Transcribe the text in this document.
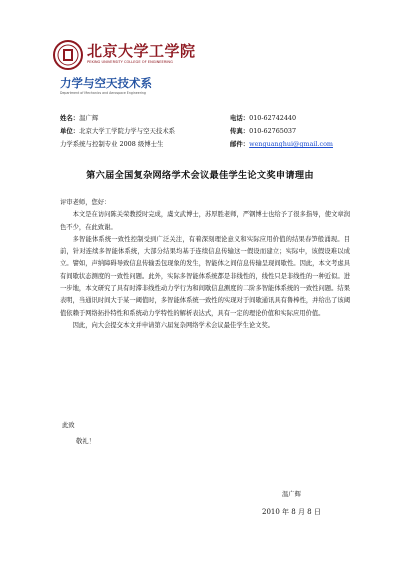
北京大学工学院
PEKING UNIVERSITY COLLEGE OF ENGINEERING
力学与空天技术系
Department of Mechanics and Aerospace Engineering
姓名：温广辉
单位：北京大学工学院力学与空天技术系
力学系统与控制专业 2008 级博士生
电话：010-62742440
传真：010-62765037
邮件：wenguanghui@gmail.com
第六届全国复杂网络学术会议最佳学生论文奖申请理由

评审老师，您好：

本文是在访问陈关荣教授时完成，虞文武博士，苏厚胜老师，严钢博士也给予了很多指导，使文章润色不少，在此致谢。

多智能体系统一致性控制受到广泛关注，有着深刻理论意义和实际应用价值的结果春笋般涌现。目前，针对连续多智能体系统，大部分结果均基于连续信息传输这一假设而建立；实际中，该假设难以成立。譬如，声纳障碍导致信息传输丢包现象的发生，智能体之间信息传输呈现间歇性。因此，本文考虑具有间歇状态测度的一致性问题。此外，实际多智能体系统都是非线性的，线性只是非线性的一种近似。进一步地，本文研究了具有时滞非线性动力学行为和间歇信息测度的二阶多智能体系统的一致性问题。结果表明，当通讯时间大于某一阈值时，多智能体系统一致性的实现对于间歇通讯具有鲁棒性，并给出了该阈值依赖于网络拓扑特性和系统动力学特性的解析表达式，具有一定的理论价值和实际应用价值。

因此，向大会提交本文并申请第六届复杂网络学术会议最佳学生论文奖。

此致
敬礼！
温广辉
2010 年 8 月 8 日
